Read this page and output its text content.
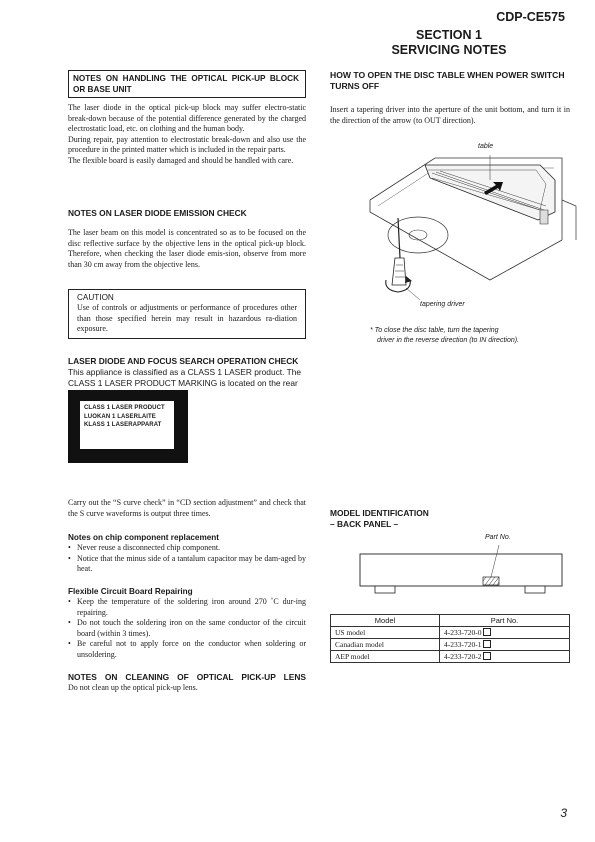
CDP-CE575
SECTION 1
SERVICING NOTES
NOTES ON HANDLING THE OPTICAL PICK-UP BLOCK OR BASE UNIT

The laser diode in the optical pick-up block may suffer electro-static break-down because of the potential difference generated by the charged electrostatic load, etc. on clothing and the human body.

During repair, pay attention to electrostatic break-down and also use the procedure in the printed matter which is included in the repair parts.

The flexible board is easily damaged and should be handled with care.

NOTES ON LASER DIODE EMISSION CHECK
The laser beam on this model is concentrated so as to be focused on the disc reflective surface by the objective lens in the optical pick-up block. Therefore, when checking the laser diode emis-sion, observe from more than 30 cm away from the objective lens.
CAUTION
Use of controls or adjustments or performance of procedures other than those specified herein may result in hazardous ra-diation exposure.
LASER DIODE AND FOCUS SEARCH OPERATION CHECK
This appliance is classified as a CLASS 1 LASER product. The CLASS 1 LASER PRODUCT MARKING is located on the rear
CLASS 1 LASER PRODUCT
LUOKAN 1 LASERLAITE
KLASS 1 LASERAPPARAT
Carry out the “S curve check” in “CD section adjustment” and check that the S curve waveforms is output three times.
Notes on chip component replacement
• Never reuse a disconnected chip component.
• Notice that the minus side of a tantalum capacitor may be dam-aged by heat.
Flexible Circuit Board Repairing
• Keep the temperature of the soldering iron around 270 ˚C dur-ing repairing.
• Do not touch the soldering iron on the same conductor of the circuit board (within 3 times).
• Be careful not to apply force on the conductor when soldering or unsoldering.
NOTES ON CLEANING OF OPTICAL PICK-UP LENS
Do not clean up the optical pick-up lens.
HOW TO OPEN THE DISC TABLE WHEN POWER SWITCH TURNS OFF
Insert a tapering driver into the aperture of the unit bottom, and turn it in the direction of the arrow (to OUT direction).
table
tapering driver
* To close the disc table, turn the tapering
driver in the reverse direction (to IN direction).
MODEL IDENTIFICATION
– BACK PANEL –
Part No.
Model	Part No.
US model	4-233-720-0
Canadian model	4-233-720-1
AEP model	4-233-720-2
3
